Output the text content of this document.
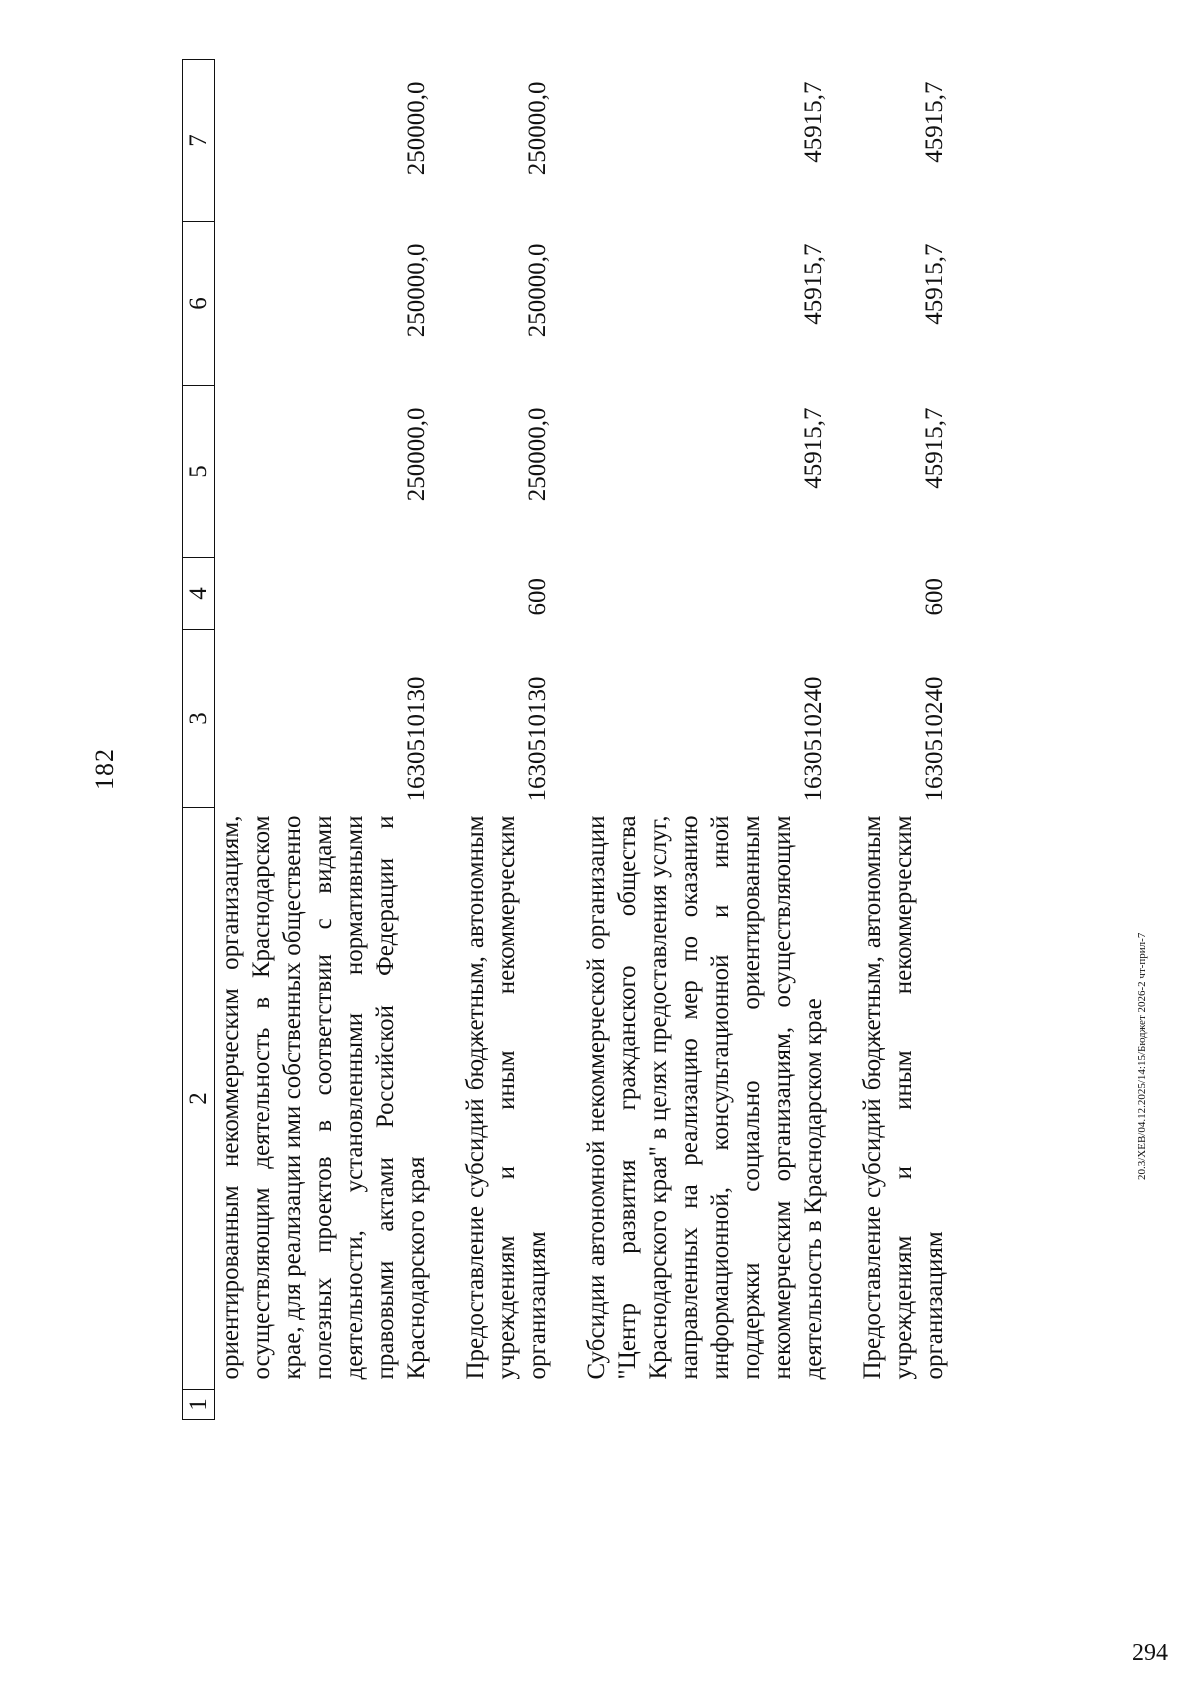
182
1	2	3	4	5	6	7
	ориентированным некоммерческим организациям, осуществляющим деятельность в Краснодарском крае, для реализации ими собственных общественно полезных проектов в соответствии с видами деятельности, установленными нормативными правовыми актами Российской Федерации и Краснодарского края	1630510130		250000,0	250000,0	250000,0

	Предоставление субсидий бюджетным, автономным учреждениям и иным некоммерческим организациям	1630510130	600	250000,0	250000,0	250000,0

	Субсидии автономной некоммерческой организации "Центр развития гражданского общества Краснодарского края" в целях предоставления услуг, направленных на реализацию мер по оказанию информационной, консультационной и иной поддержки социально ориентированным некоммерческим организациям, осуществляющим деятельность в Краснодарском крае	1630510240		45915,7	45915,7	45915,7

	Предоставление субсидий бюджетным, автономным учреждениям и иным некоммерческим организациям	1630510240	600	45915,7	45915,7	45915,7
20.3/ХЕВ/04.12.2025/14:15/Бюджет 2026-2 чт-прил-7
294
